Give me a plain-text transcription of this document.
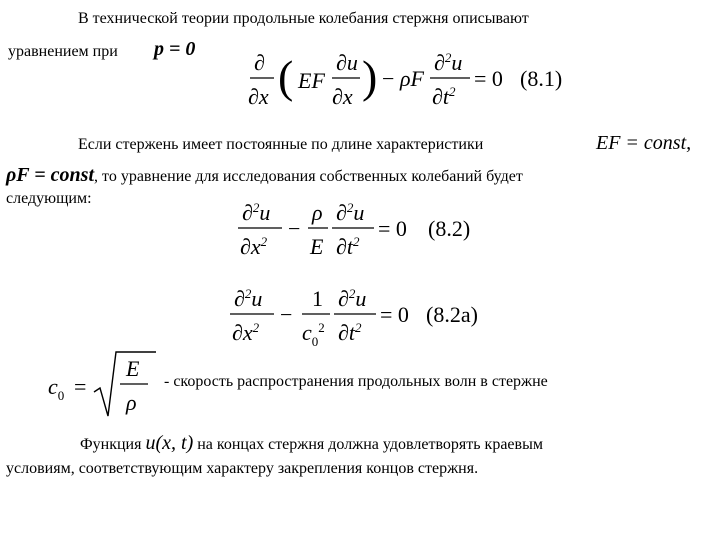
В технической теории продольные колебания стержня описывают
уравнением при p = 0
∂
∂x ( EF
∂u
∂x ) − ρF
∂$^2$u
$\partial t^2$
= 0 (8.1)
Если стержень имеет постоянные по длине характеристики	EF = const,
ρF = const, то уравнение для исследования собственных колебаний будет
следующим:
∂$^2$u
$\partial x^2$
−
ρ
E
∂$^2$u
$\partial t^2$
= 0 (8.2)
∂$^2$u
$\partial x^2$
−
1
$c_0^2$
∂$^2$u
$\partial t^2$
= 0 (8.2a)
$c_0$ =
E
ρ
- скорость распространения продольных волн в стержне
Функция u(x, t) на концах стержня должна удовлетворять краевым
условиям, соответствующим характеру закрепления концов стержня.
